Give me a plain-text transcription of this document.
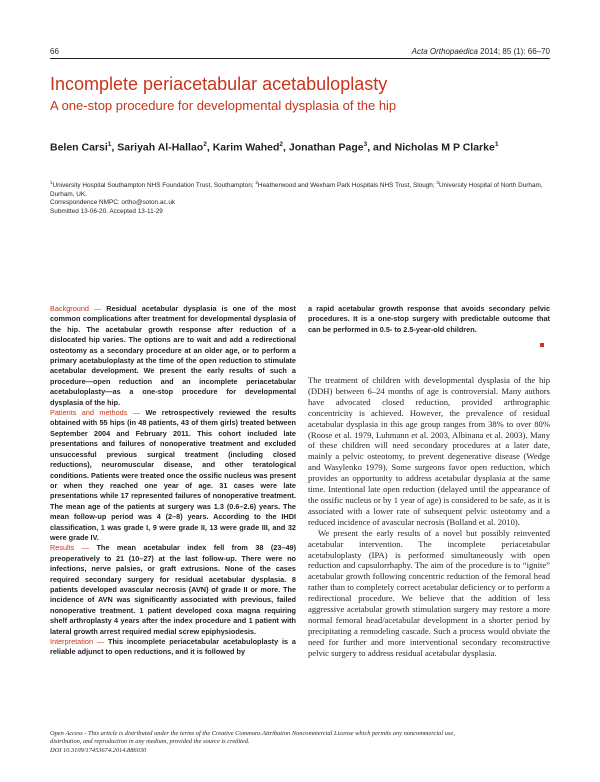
66	Acta Orthopaedica 2014; 85 (1): 66–70
Incomplete periacetabular acetabuloplasty
A one-stop procedure for developmental dysplasia of the hip
Belen Carsi$^1$, Sariyah Al-Hallao$^2$, Karim Wahed$^2$, Jonathan Page$^3$, and Nicholas M P Clarke$^1$
$^1$University Hospital Southampton NHS Foundation Trust, Southampton; $^2$Heatherwood and Wexham Park Hospitals NHS Trust, Slough; $^3$University Hospital of North Durham, Durham, UK.
Correspondence NMPC: ortho@soton.ac.uk
Submitted 13-06-20. Accepted 13-11-29

Background — Residual acetabular dysplasia is one of the most common complications after treatment for developmental dysplasia of the hip. The acetabular growth response after reduction of a dislocated hip varies. The options are to wait and add a redirectional osteotomy as a secondary procedure at an older age, or to perform a primary acetabuloplasty at the time of the open reduction to stimulate acetabular development. We present the early results of such a procedure—open reduction and an incomplete periacetabular acetabuloplasty—as a one-stop procedure for developmental dysplasia of the hip.

Patients and methods — We retrospectively reviewed the results obtained with 55 hips (in 48 patients, 43 of them girls) treated between September 2004 and February 2011. This cohort included late presentations and failures of nonoperative treatment and excluded unsuccessful previous surgical treatment (including closed reductions), neuromuscular disease, and other teratological conditions. Patients were treated once the ossific nucleus was present or when they reached one year of age. 31 cases were late presentations while 17 represented failures of nonoperative treatment. The mean age of the patients at surgery was 1.3 (0.6–2.6) years. The mean follow-up period was 4 (2–8) years. According to the IHDI classification, 1 was grade I, 9 were grade II, 13 were grade III, and 32 were grade IV.

Results — The mean acetabular index fell from 38 (23–49) preoperatively to 21 (10–27) at the last follow-up. There were no infections, nerve palsies, or graft extrusions. None of the cases required secondary surgery for residual acetabular dysplasia. 8 patients developed avascular necrosis (AVN) of grade II or more. The incidence of AVN was significantly associated with previous, failed nonoperative treatment. 1 patient developed coxa magna requiring shelf arthroplasty 4 years after the index procedure and 1 patient with lateral growth arrest required medial screw epiphysiodesis.

Interpretation — This incomplete periacetabular acetabuloplasty is a reliable adjunct to open reductions, and it is followed by

a rapid acetabular growth response that avoids secondary pelvic procedures. It is a one-stop surgery with predictable outcome that can be performed in 0.5- to 2.5-year-old children.

The treatment of children with developmental dysplasia of the hip (DDH) between 6–24 months of age is controversial. Many authors have advocated closed reduction, provided arthrographic concentricity is achieved. However, the prevalence of residual acetabular dysplasia in this age group ranges from 38% to over 80% (Roose et al. 1979, Luhmann et al. 2003, Albinana et al. 2003). Many of these children will need secondary procedures at a later date, mainly a pelvic osteotomy, to prevent degenerative disease (Wedge and Wasylenko 1979). Some surgeons favor open reduction, which provides an opportunity to address acetabular dysplasia at the same time. Intentional late open reduction (delayed until the appearance of the ossific nucleus or by 1 year of age) is considered to be safe, as it is associated with a lower rate of subsequent pelvic osteotomy and a reduced incidence of avascular necrosis (Bolland et al. 2010).

We present the early results of a novel but possibly reinvented acetabular intervention. The incomplete periacetabular acetabuloplasty (IPA) is performed simultaneously with open reduction and capsulorrhaphy. The aim of the procedure is to “ignite” acetabular growth following concentric reduction of the femoral head rather than to completely correct acetabular deficiency or to perform a redirectional procedure. We believe that the addition of less aggressive acetabular growth stimulation surgery may restore a more normal femoral head/acetabular development in a shorter period by precipitating a remodeling cascade. Such a process would obviate the need for further and more interventional secondary reconstructive pelvic surgery to address residual acetabular dysplasia.

Open Access - This article is distributed under the terms of the Creative Commons Attribution Noncommercial License which permits any noncommercial use,
distribution, and reproduction in any medium, provided the source is credited.
DOI 10.3109/17453674.2014.886030
